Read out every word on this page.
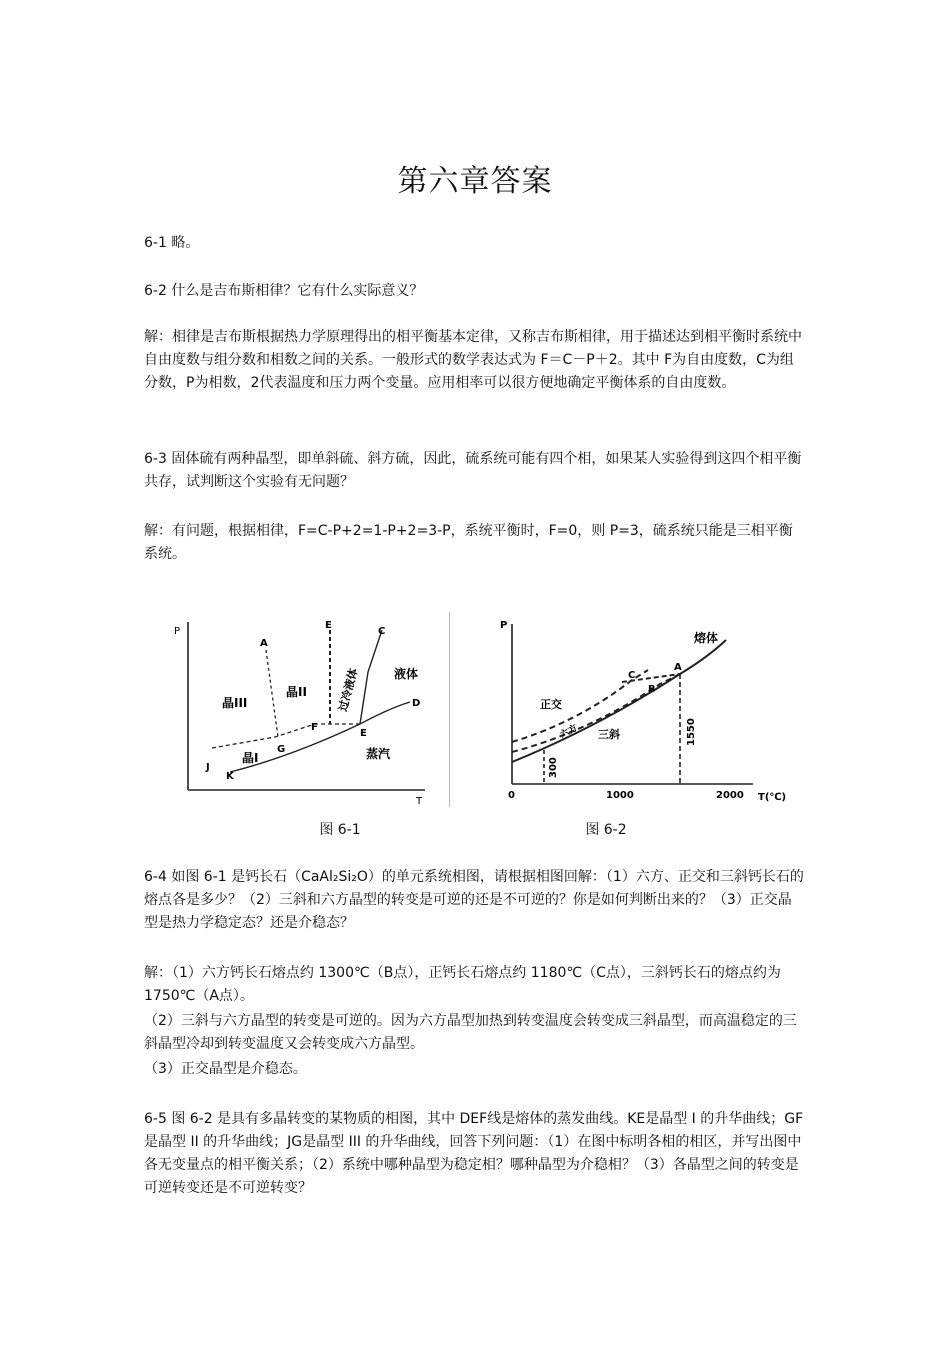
第六章答案

6-1 略。

6-2 什么是吉布斯相律？它有什么实际意义？

解：相律是吉布斯根据热力学原理得出的相平衡基本定律，又称吉布斯相律，用于描述达到相平衡时系统中自由度数与组分数和相数之间的关系。一般形式的数学表达式为 F＝C－P＋2。其中 F为自由度数，C为组分数，P为相数，2代表温度和压力两个变量。应用相率可以很方便地确定平衡体系的自由度数。

6-3 固体硫有两种晶型，即单斜硫、斜方硫，因此，硫系统可能有四个相，如果某人实验得到这四个相平衡共存，试判断这个实验有无问题？

解：有问题，根据相律，F=C-P+2=1-P+2=3-P，系统平衡时，F=0，则 P=3，硫系统只能是三相平衡系统。

P
T
A
E
C
D
F
G
J
K
E
晶III
晶II
晶I
液体
蒸汽
过冷液体
P
T(℃)
0	1000	2000
300
1550
熔体
正交
六方 三斜
C
A
B
图 6-1	图 6-2

6-4 如图 6-1 是钙长石（CaAl₂Si₂O）的单元系统相图，请根据相图回解：（1）六方、正交和三斜钙长石的熔点各是多少？（2）三斜和六方晶型的转变是可逆的还是不可逆的？你是如何判断出来的？（3）正交晶型是热力学稳定态？还是介稳态？

解：（1）六方钙长石熔点约 1300℃（B点），正钙长石熔点约 1180℃（C点），三斜钙长石的熔点约为 1750℃（A点）。

（2）三斜与六方晶型的转变是可逆的。因为六方晶型加热到转变温度会转变成三斜晶型，而高温稳定的三斜晶型冷却到转变温度又会转变成六方晶型。

（3）正交晶型是介稳态。

6-5 图 6-2 是具有多晶转变的某物质的相图，其中 DEF线是熔体的蒸发曲线。KE是晶型 I 的升华曲线；GF是晶型 II 的升华曲线；JG是晶型 III 的升华曲线，回答下列问题：（1）在图中标明各相的相区，并写出图中各无变量点的相平衡关系；（2）系统中哪种晶型为稳定相？哪种晶型为介稳相？（3）各晶型之间的转变是可逆转变还是不可逆转变？
